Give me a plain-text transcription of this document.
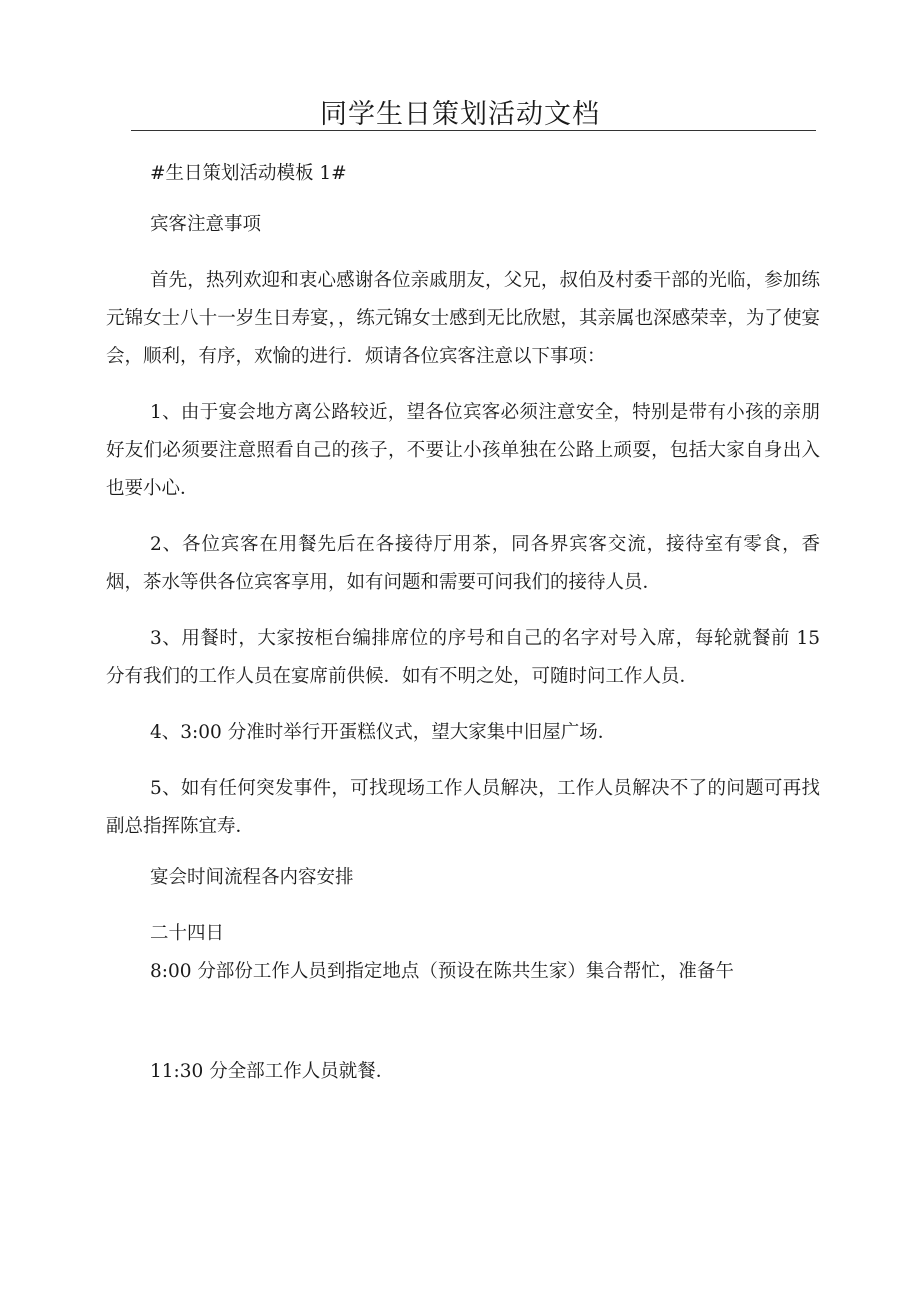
同学生日策划活动文档

#生日策划活动模板 1#

宾客注意事项

首先，热列欢迎和衷心感谢各位亲戚朋友，父兄，叔伯及村委干部的光临，参加练元锦女士八十一岁生日寿宴，，练元锦女士感到无比欣慰，其亲属也深感荣幸，为了使宴会，顺利，有序，欢愉的进行．烦请各位宾客注意以下事项：

1、由于宴会地方离公路较近，望各位宾客必须注意安全，特别是带有小孩的亲朋好友们必须要注意照看自己的孩子，不要让小孩单独在公路上顽耍，包括大家自身出入也要小心．

2、各位宾客在用餐先后在各接待厅用茶，同各界宾客交流，接待室有零食，香烟，茶水等供各位宾客享用，如有问题和需要可问我们的接待人员．

3、用餐时，大家按柜台编排席位的序号和自己的名字对号入席，每轮就餐前 15 分有我们的工作人员在宴席前供候．如有不明之处，可随时问工作人员．

4、3:00 分准时举行开蛋糕仪式，望大家集中旧屋广场．

5、如有任何突发事件，可找现场工作人员解决，工作人员解决不了的问题可再找副总指挥陈宜寿．

宴会时间流程各内容安排

二十四日

8:00 分部份工作人员到指定地点（预设在陈共生家）集合帮忙，准备午

11:30 分全部工作人员就餐．
